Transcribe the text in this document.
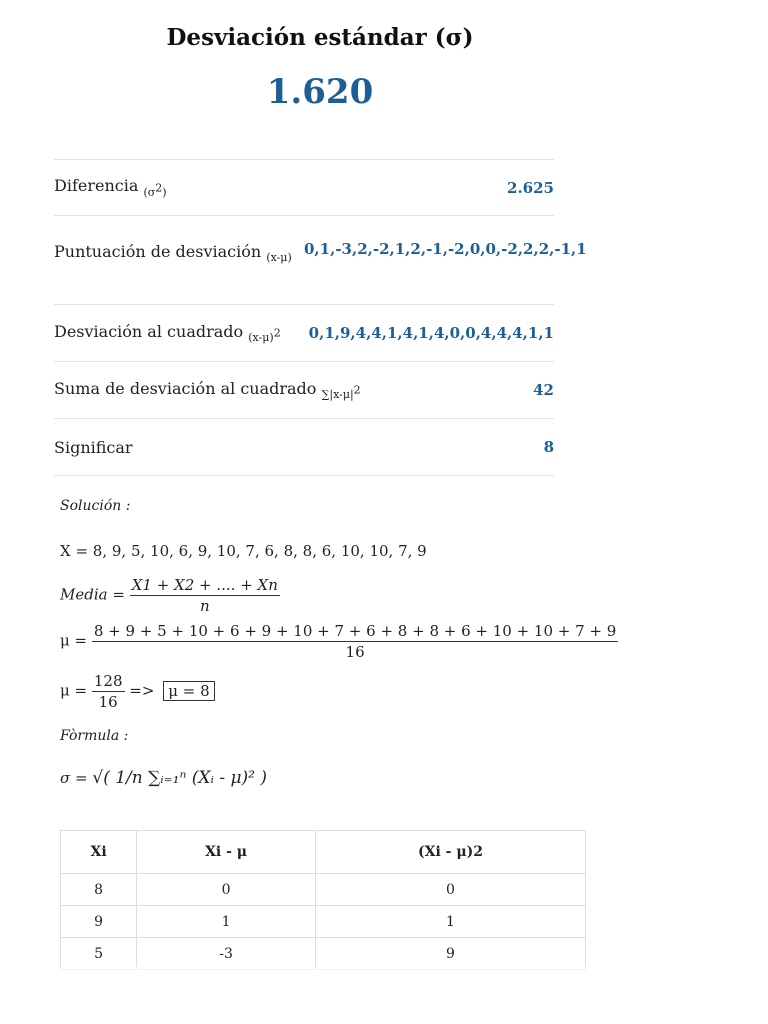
Desviación estándar (σ)
1.620
Diferencia $_{(\sigma^2)}$	2.625
Puntuación de desviación $_{(x-\mu)}$ 0,1,-3,2,-2,1,2,-1,-2,0,0,-2,2,2,-1,1
Desviación al cuadrado $_{(x-\mu)^2}$ 0,1,9,4,4,1,4,1,4,0,0,4,4,4,1,1
Suma de desviación al cuadrado $_{\sum|x-\mu|^2}$	42
Significar	8
Solución :
X = 8, 9, 5, 10, 6, 9, 10, 7, 6, 8, 8, 6, 10, 10, 7, 9
Media = $\frac{X1 + X2 + .... + Xn}{n}$
μ =
8 + 9 + 5 + 10 + 6 + 9 + 10 + 7 + 6 + 8 + 8 + 6 + 10 + 10 + 7 + 9
16
$\mu = \frac{128}{16} => \mu = 8$
Fòrmula :
σ = √( 1/n ∑ᵢ₌₁ⁿ (Xᵢ - μ)² )
Xi	Xi - μ	(Xi - μ)2
8	0	0
9	1	1
5	-3	9
